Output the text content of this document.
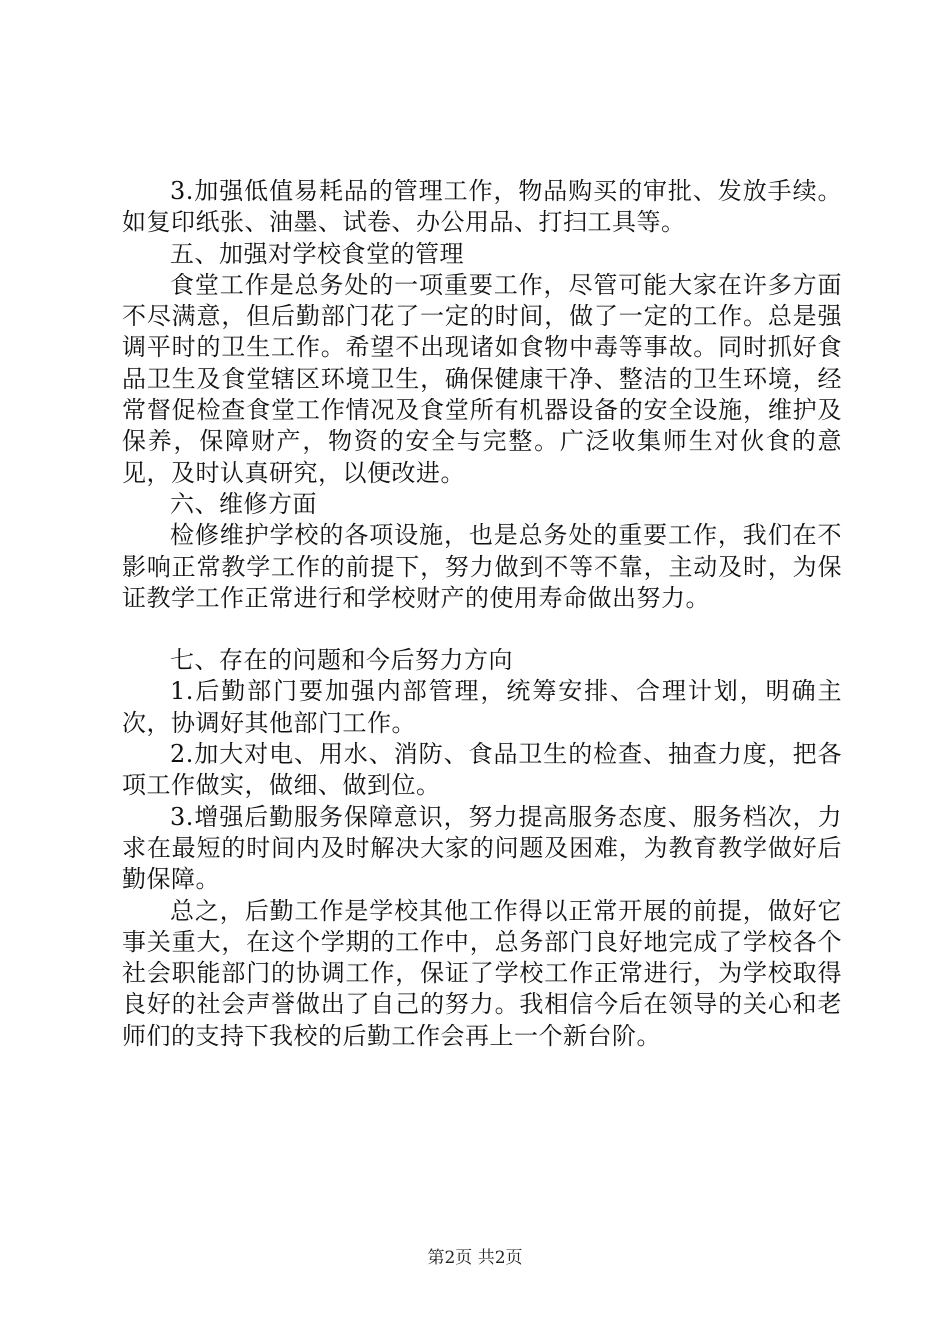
3.加强低值易耗品的管理工作，物品购买的审批、发放手续。如复印纸张、油墨、试卷、办公用品、打扫工具等。

五、加强对学校食堂的管理

食堂工作是总务处的一项重要工作，尽管可能大家在许多方面不尽满意，但后勤部门花了一定的时间，做了一定的工作。总是强调平时的卫生工作。希望不出现诸如食物中毒等事故。同时抓好食品卫生及食堂辖区环境卫生，确保健康干净、整洁的卫生环境，经常督促检查食堂工作情况及食堂所有机器设备的安全设施，维护及保养，保障财产，物资的安全与完整。广泛收集师生对伙食的意见，及时认真研究，以便改进。

六、维修方面

检修维护学校的各项设施，也是总务处的重要工作，我们在不影响正常教学工作的前提下，努力做到不等不靠，主动及时，为保证教学工作正常进行和学校财产的使用寿命做出努力。

七、存在的问题和今后努力方向

1.后勤部门要加强内部管理，统筹安排、合理计划，明确主次，协调好其他部门工作。

2.加大对电、用水、消防、食品卫生的检查、抽查力度，把各项工作做实，做细、做到位。

3.增强后勤服务保障意识，努力提高服务态度、服务档次，力求在最短的时间内及时解决大家的问题及困难，为教育教学做好后勤保障。

总之，后勤工作是学校其他工作得以正常开展的前提，做好它事关重大，在这个学期的工作中，总务部门良好地完成了学校各个社会职能部门的协调工作，保证了学校工作正常进行，为学校取得良好的社会声誉做出了自己的努力。我相信今后在领导的关心和老师们的支持下我校的后勤工作会再上一个新台阶。

第2页 共2页
